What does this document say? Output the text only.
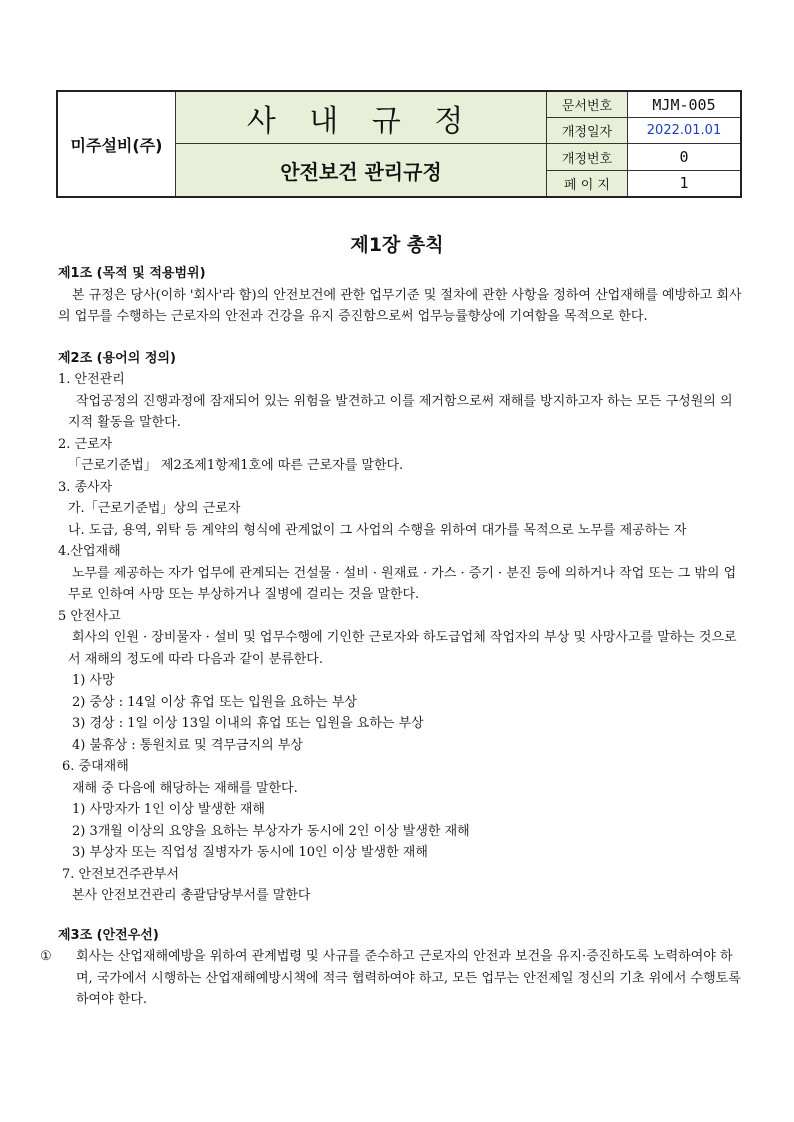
미주설비(주)	사 내 규 정	문서번호	MJM-005
		개정일자	2022.01.01
	안전보건 관리규정	개정번호	0
		페 이 지	1
제1장 총칙

제1조 (목적 및 적용범위)

본 규정은 당사(이하 '회사'라 함)의 안전보건에 관한 업무기준 및 절차에 관한 사항을 정하여 산업재해를 예방하고 회사의 업무를 수행하는 근로자의 안전과 건강을 유지 증진함으로써 업무능률향상에 기여함을 목적으로 한다.

제2조 (용어의 정의)

1. 안전관리

작업공정의 진행과정에 잠재되어 있는 위험을 발견하고 이를 제거함으로써 재해를 방지하고자 하는 모든 구성원의 의지적 활동을 말한다.

2. 근로자

「근로기준법」 제2조제1항제1호에 따른 근로자를 말한다.

3. 종사자

가.「근로기준법」상의 근로자

나. 도급, 용역, 위탁 등 계약의 형식에 관계없이 그 사업의 수행을 위하여 대가를 목적으로 노무를 제공하는 자

4.산업재해

노무를 제공하는 자가 업무에 관계되는 건설물 · 설비 · 원재료 · 가스 · 증기 · 분진 등에 의하거나 작업 또는 그 밖의 업무로 인하여 사망 또는 부상하거나 질병에 걸리는 것을 말한다.

5 안전사고

회사의 인원 · 장비물자 · 설비 및 업무수행에 기인한 근로자와 하도급업체 작업자의 부상 및 사망사고를 말하는 것으로서 재해의 정도에 따라 다음과 같이 분류한다.

1) 사망

2) 중상 : 14일 이상 휴업 또는 입원을 요하는 부상

3) 경상 : 1일 이상 13일 이내의 휴업 또는 입원을 요하는 부상

4) 불휴상 : 통원치료 및 격무금지의 부상

6. 중대재해

재해 중 다음에 해당하는 재해를 말한다.

1) 사망자가 1인 이상 발생한 재해

2) 3개월 이상의 요양을 요하는 부상자가 동시에 2인 이상 발생한 재해

3) 부상자 또는 직업성 질병자가 동시에 10인 이상 발생한 재해

7. 안전보건주관부서

본사 안전보건관리 총괄담당부서를 말한다

제3조 (안전우선)

① 회사는 산업재해예방을 위하여 관계법령 및 사규를 준수하고 근로자의 안전과 보건을 유지·증진하도록 노력하여야 하며, 국가에서 시행하는 산업재해예방시책에 적극 협력하여야 하고, 모든 업무는 안전제일 정신의 기초 위에서 수행토록 하여야 한다.
